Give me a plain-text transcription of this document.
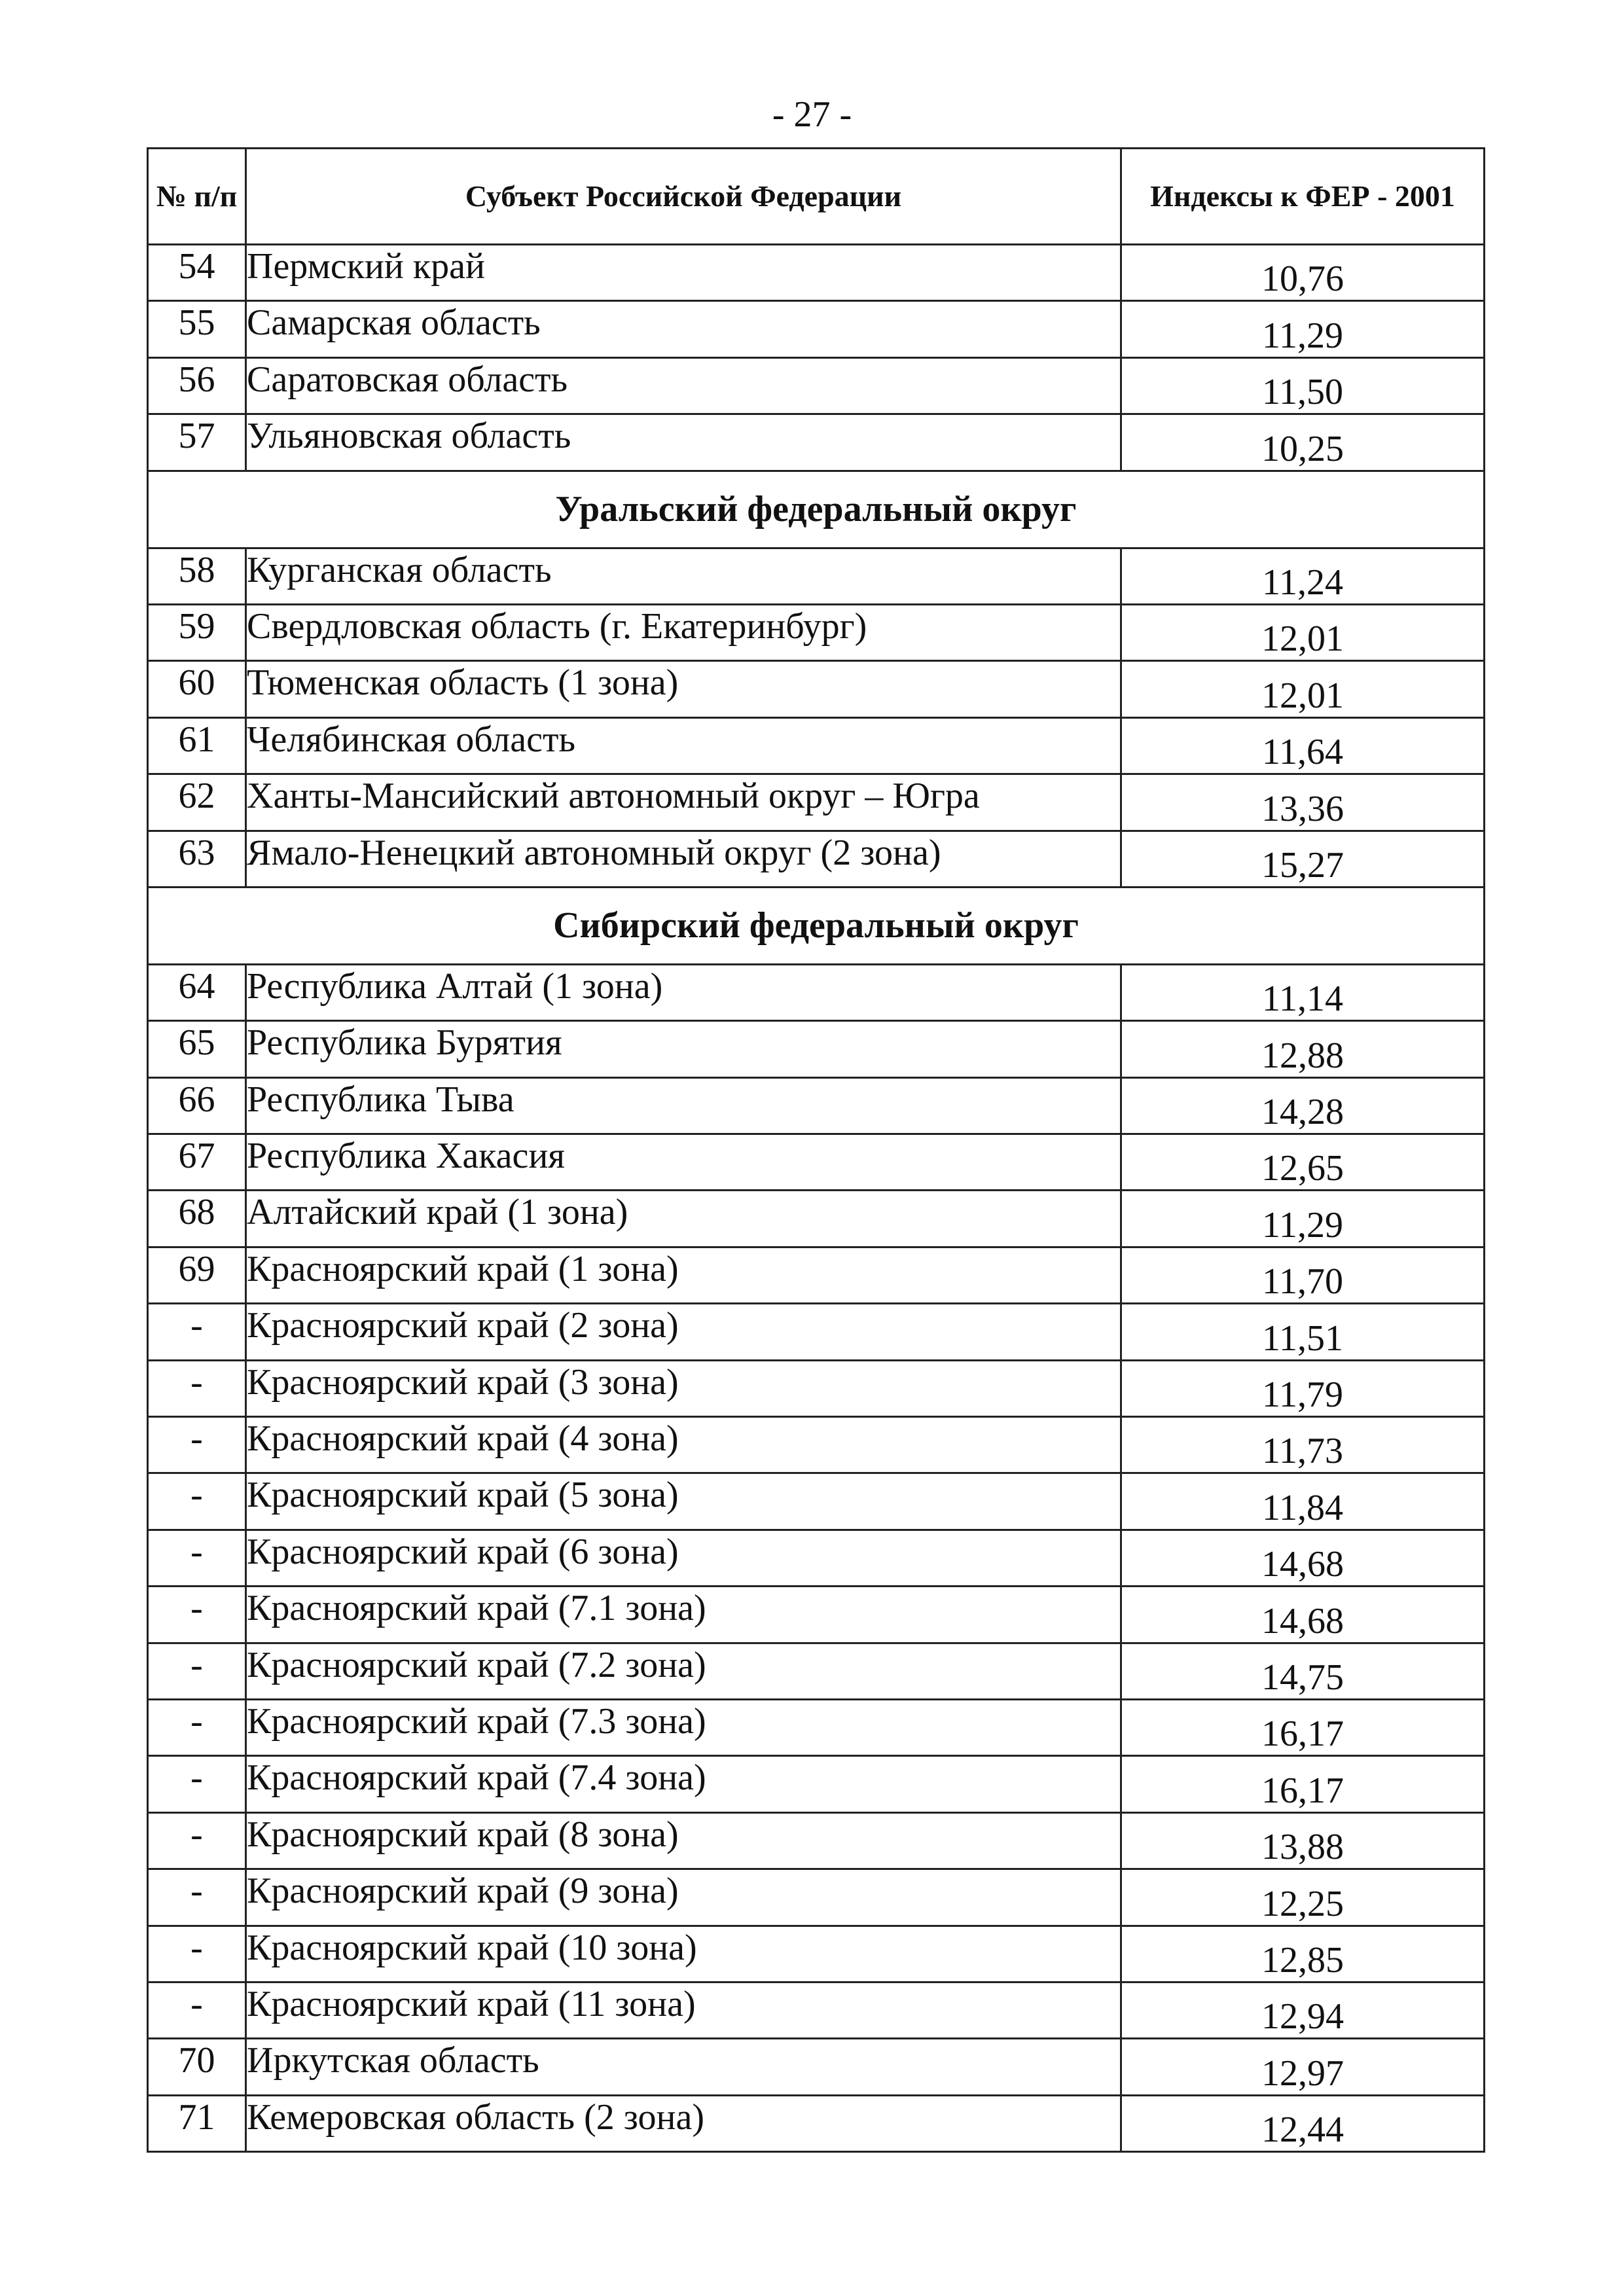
- 27 -
№ п/п	Субъект Российской Федерации	Индексы к ФЕР - 2001
54	Пермский край	10,76
55	Самарская область	11,29
56	Саратовская область	11,50
57	Ульяновская область	10,25
Уральский федеральный округ		
58	Курганская область	11,24
59	Свердловская область (г. Екатеринбург)	12,01
60	Тюменская область (1 зона)	12,01
61	Челябинская область	11,64
62	Ханты-Мансийский автономный округ – Югра	13,36
63	Ямало-Ненецкий автономный округ (2 зона)	15,27
Сибирский федеральный округ		
64	Республика Алтай (1 зона)	11,14
65	Республика Бурятия	12,88
66	Республика Тыва	14,28
67	Республика Хакасия	12,65
68	Алтайский край (1 зона)	11,29
69	Красноярский край (1 зона)	11,70
-	Красноярский край (2 зона)	11,51
-	Красноярский край (3 зона)	11,79
-	Красноярский край (4 зона)	11,73
-	Красноярский край (5 зона)	11,84
-	Красноярский край (6 зона)	14,68
-	Красноярский край (7.1 зона)	14,68
-	Красноярский край (7.2 зона)	14,75
-	Красноярский край (7.3 зона)	16,17
-	Красноярский край (7.4 зона)	16,17
-	Красноярский край (8 зона)	13,88
-	Красноярский край (9 зона)	12,25
-	Красноярский край (10 зона)	12,85
-	Красноярский край (11 зона)	12,94
70	Иркутская область	12,97
71	Кемеровская область (2 зона)	12,44
